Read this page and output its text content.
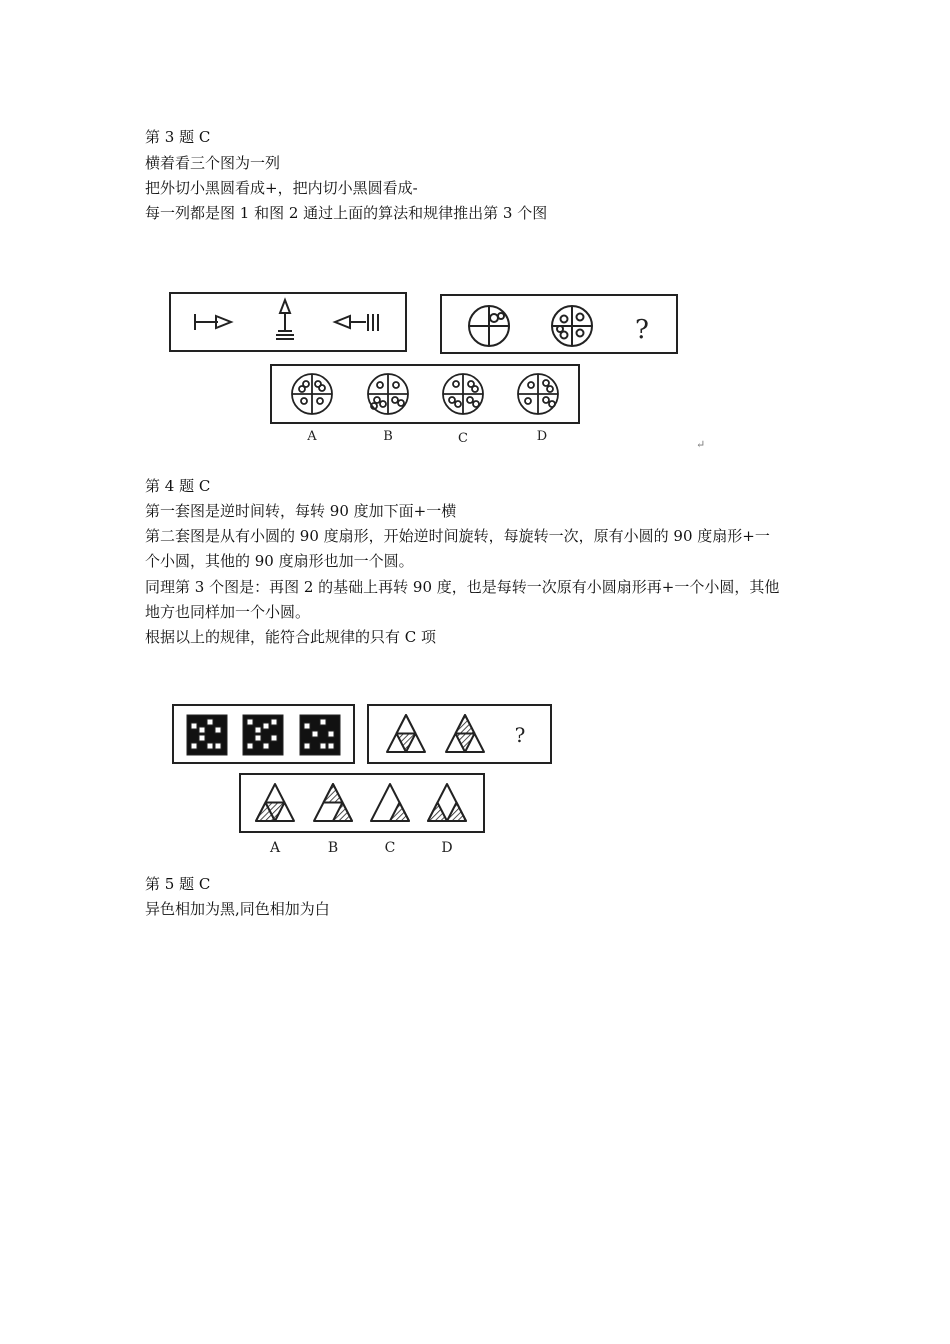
第 3 题 C
横着看三个图为一列
把外切小黑圆看成+，把内切小黑圆看成-
每一列都是图 1 和图 2 通过上面的算法和规律推出第 3 个图
?
A	B	C	D
↵
第 4 题 C
第一套图是逆时间转，每转 90 度加下面+一横
第二套图是从有小圆的 90 度扇形，开始逆时间旋转，每旋转一次，原有小圆的 90 度扇形+一
个小圆，其他的 90 度扇形也加一个圆。
同理第 3 个图是：再图 2 的基础上再转 90 度，也是每转一次原有小圆扇形再+一个小圆，其他
地方也同样加一个小圆。
根据以上的规律，能符合此规律的只有 C 项
?
A	B	C	D
第 5 题 C
异色相加为黑,同色相加为白
